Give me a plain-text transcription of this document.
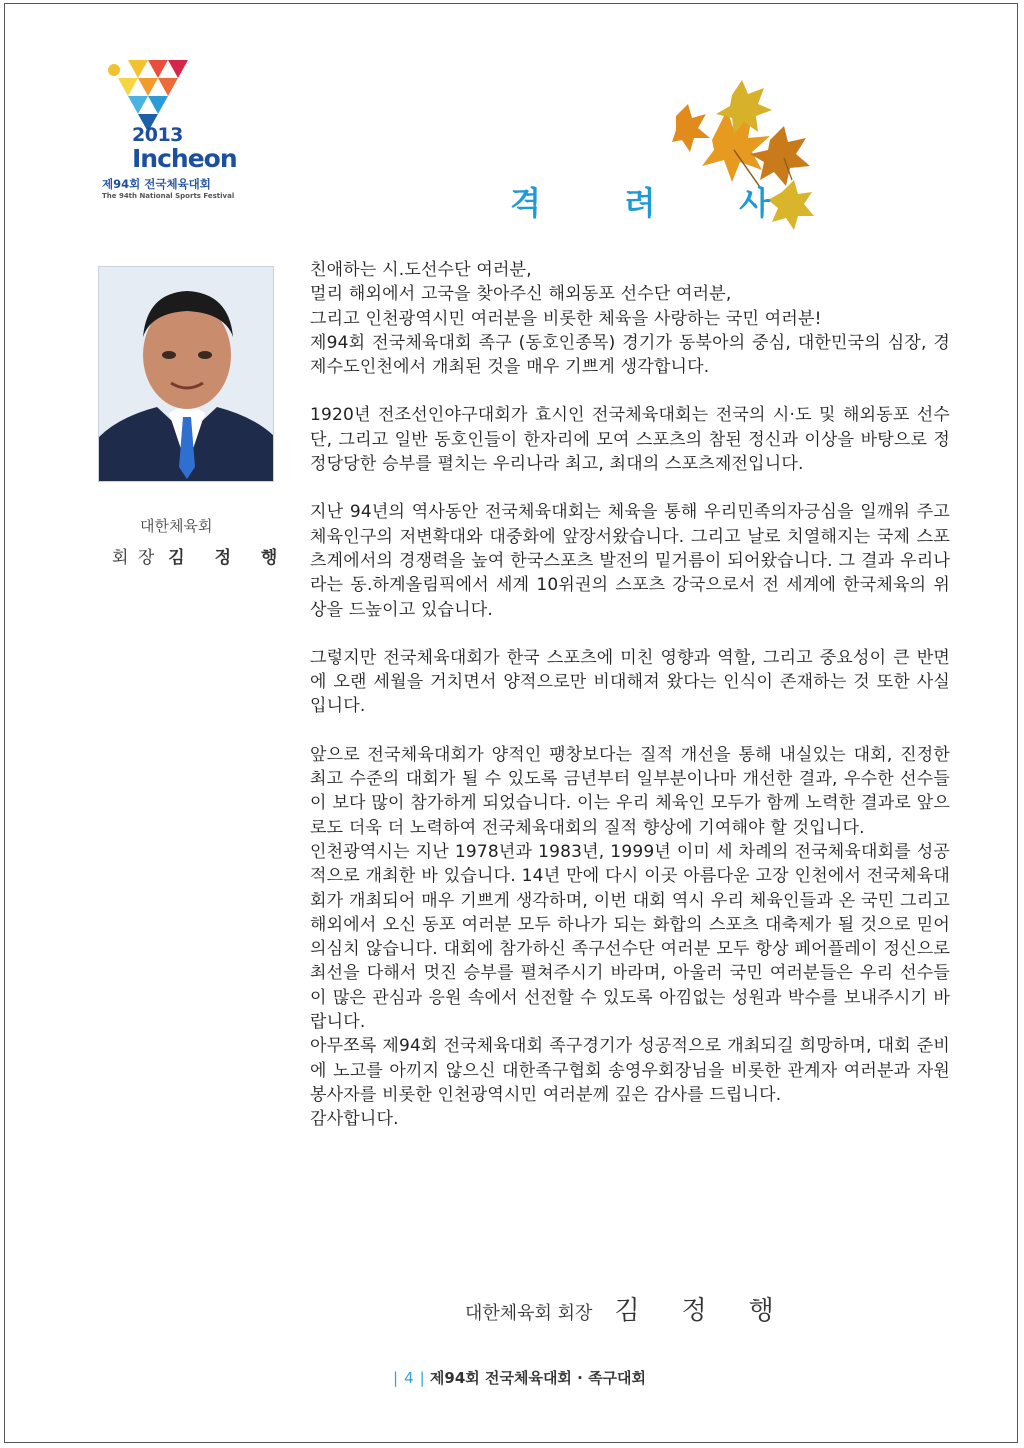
2013
Incheon
제94회 전국체육대회
The 94th National Sports Festival	격	려	사
대한체육회
회 장 김 정 행

친애하는 시.도선수단 여러분,
멀리 해외에서 고국을 찾아주신 해외동포 선수단 여러분,
그리고 인천광역시민 여러분을 비롯한 체육을 사랑하는 국민 여러분!
제94회 전국체육대회 족구 (동호인종목) 경기가 동북아의 중심, 대한민국의 심장, 경제수도인천에서 개최된 것을 매우 기쁘게 생각합니다.

1920년 전조선인야구대회가 효시인 전국체육대회는 전국의 시·도 및 해외동포 선수단, 그리고 일반 동호인들이 한자리에 모여 스포츠의 참된 정신과 이상을 바탕으로 정정당당한 승부를 펼치는 우리나라 최고, 최대의 스포츠제전입니다.

지난 94년의 역사동안 전국체육대회는 체육을 통해 우리민족의자긍심을 일깨워 주고 체육인구의 저변확대와 대중화에 앞장서왔습니다. 그리고 날로 치열해지는 국제 스포츠계에서의 경쟁력을 높여 한국스포츠 발전의 밑거름이 되어왔습니다. 그 결과 우리나라는 동.하계올림픽에서 세계 10위권의 스포츠 강국으로서 전 세계에 한국체육의 위상을 드높이고 있습니다.

그렇지만 전국체육대회가 한국 스포츠에 미친 영향과 역할, 그리고 중요성이 큰 반면에 오랜 세월을 거치면서 양적으로만 비대해져 왔다는 인식이 존재하는 것 또한 사실입니다.

앞으로 전국체육대회가 양적인 팽창보다는 질적 개선을 통해 내실있는 대회, 진정한 최고 수준의 대회가 될 수 있도록 금년부터 일부분이나마 개선한 결과, 우수한 선수들이 보다 많이 참가하게 되었습니다. 이는 우리 체육인 모두가 함께 노력한 결과로 앞으로도 더욱 더 노력하여 전국체육대회의 질적 향상에 기여해야 할 것입니다.

인천광역시는 지난 1978년과 1983년, 1999년 이미 세 차례의 전국체육대회를 성공적으로 개최한 바 있습니다. 14년 만에 다시 이곳 아름다운 고장 인천에서 전국체육대회가 개최되어 매우 기쁘게 생각하며, 이번 대회 역시 우리 체육인들과 온 국민 그리고 해외에서 오신 동포 여러분 모두 하나가 되는 화합의 스포츠 대축제가 될 것으로 믿어 의심치 않습니다. 대회에 참가하신 족구선수단 여러분 모두 항상 페어플레이 정신으로 최선을 다해서 멋진 승부를 펼쳐주시기 바라며, 아울러 국민 여러분들은 우리 선수들이 많은 관심과 응원 속에서 선전할 수 있도록 아낌없는 성원과 박수를 보내주시기 바랍니다.

아무쪼록 제94회 전국체육대회 족구경기가 성공적으로 개최되길 희망하며, 대회 준비에 노고를 아끼지 않으신 대한족구협회 송영우회장님을 비롯한 관계자 여러분과 자원 봉사자를 비롯한 인천광역시민 여러분께 깊은 감사를 드립니다.

감사합니다.

대한체육회 회장 김정행
| 4 | 제94회 전국체육대회 · 족구대회
